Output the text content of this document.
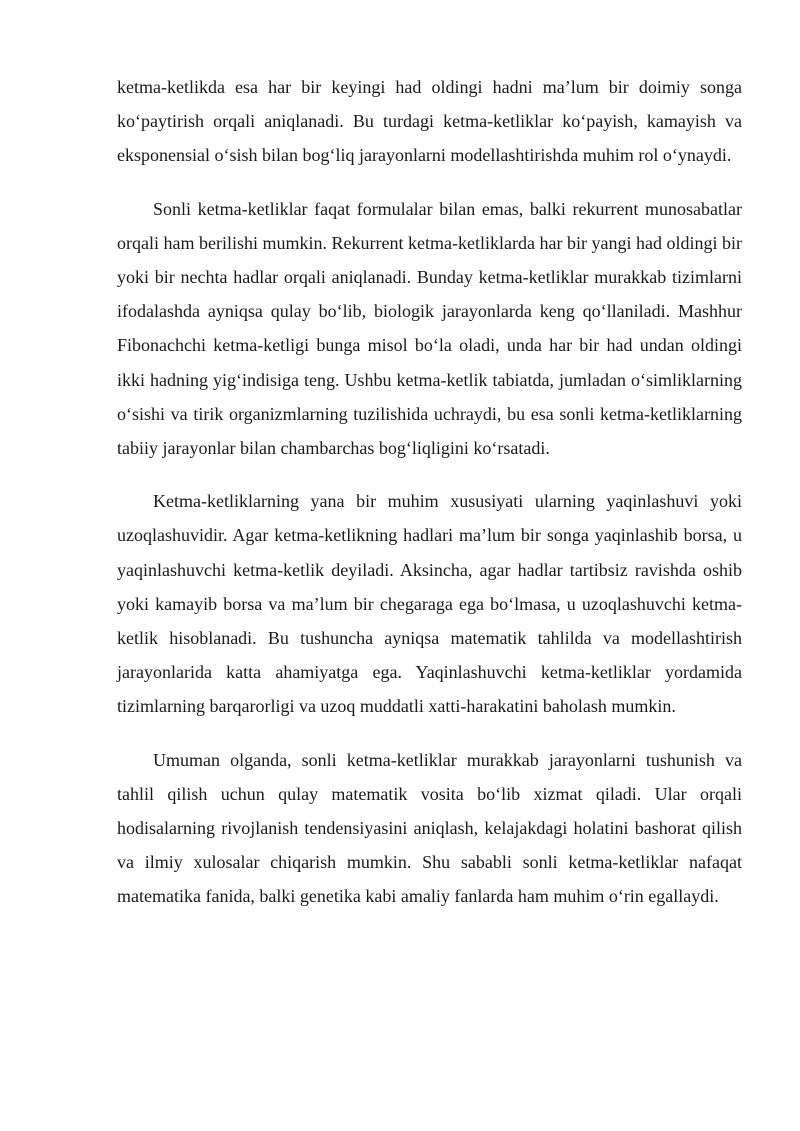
ketma-ketlikda esa har bir keyingi had oldingi hadni ma’lum bir doimiy songa ko‘paytirish orqali aniqlanadi. Bu turdagi ketma-ketliklar ko‘payish, kamayish va eksponensial o‘sish bilan bog‘liq jarayonlarni modellashtirishda muhim rol o‘ynaydi.

Sonli ketma-ketliklar faqat formulalar bilan emas, balki rekurrent munosabatlar orqali ham berilishi mumkin. Rekurrent ketma-ketliklarda har bir yangi had oldingi bir yoki bir nechta hadlar orqali aniqlanadi. Bunday ketma-ketliklar murakkab tizimlarni ifodalashda ayniqsa qulay bo‘lib, biologik jarayonlarda keng qo‘llaniladi. Mashhur Fibonachchi ketma-ketligi bunga misol bo‘la oladi, unda har bir had undan oldingi ikki hadning yig‘indisiga teng. Ushbu ketma-ketlik tabiatda, jumladan o‘simliklarning o‘sishi va tirik organizmlarning tuzilishida uchraydi, bu esa sonli ketma-ketliklarning tabiiy jarayonlar bilan chambarchas bog‘liqligini ko‘rsatadi.

Ketma-ketliklarning yana bir muhim xususiyati ularning yaqinlashuvi yoki uzoqlashuvidir. Agar ketma-ketlikning hadlari ma’lum bir songa yaqinlashib borsa, u yaqinlashuvchi ketma-ketlik deyiladi. Aksincha, agar hadlar tartibsiz ravishda oshib yoki kamayib borsa va ma’lum bir chegaraga ega bo‘lmasa, u uzoqlashuvchi ketma-ketlik hisoblanadi. Bu tushuncha ayniqsa matematik tahlilda va modellashtirish jarayonlarida katta ahamiyatga ega. Yaqinlashuvchi ketma-ketliklar yordamida tizimlarning barqarorligi va uzoq muddatli xatti-harakatini baholash mumkin.

Umuman olganda, sonli ketma-ketliklar murakkab jarayonlarni tushunish va tahlil qilish uchun qulay matematik vosita bo‘lib xizmat qiladi. Ular orqali hodisalarning rivojlanish tendensiyasini aniqlash, kelajakdagi holatini bashorat qilish va ilmiy xulosalar chiqarish mumkin. Shu sababli sonli ketma-ketliklar nafaqat matematika fanida, balki genetika kabi amaliy fanlarda ham muhim o‘rin egallaydi.
